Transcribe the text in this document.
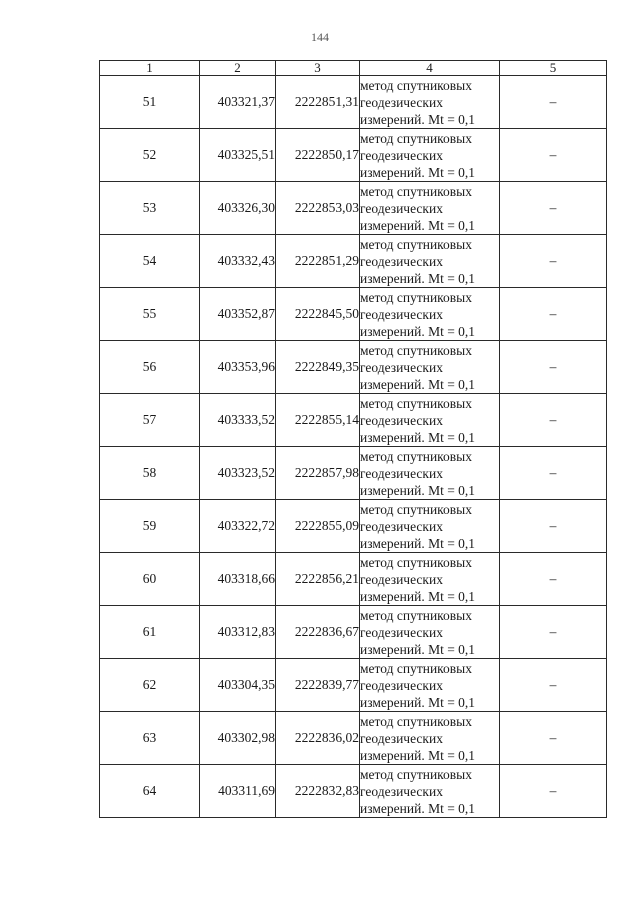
144
1	2	3	4	5
51	403321,37	2222851,31	метод спутниковых
геодезических
измерений. Mt = 0,1	–
52	403325,51	2222850,17	метод спутниковых
геодезических
измерений. Mt = 0,1	–
53	403326,30	2222853,03	метод спутниковых
геодезических
измерений. Mt = 0,1	–
54	403332,43	2222851,29	метод спутниковых
геодезических
измерений. Mt = 0,1	–
55	403352,87	2222845,50	метод спутниковых
геодезических
измерений. Mt = 0,1	–
56	403353,96	2222849,35	метод спутниковых
геодезических
измерений. Mt = 0,1	–
57	403333,52	2222855,14	метод спутниковых
геодезических
измерений. Mt = 0,1	–
58	403323,52	2222857,98	метод спутниковых
геодезических
измерений. Mt = 0,1	–
59	403322,72	2222855,09	метод спутниковых
геодезических
измерений. Mt = 0,1	–
60	403318,66	2222856,21	метод спутниковых
геодезических
измерений. Mt = 0,1	–
61	403312,83	2222836,67	метод спутниковых
геодезических
измерений. Mt = 0,1	–
62	403304,35	2222839,77	метод спутниковых
геодезических
измерений. Mt = 0,1	–
63	403302,98	2222836,02	метод спутниковых
геодезических
измерений. Mt = 0,1	–
64	403311,69	2222832,83	метод спутниковых
геодезических
измерений. Mt = 0,1	–
